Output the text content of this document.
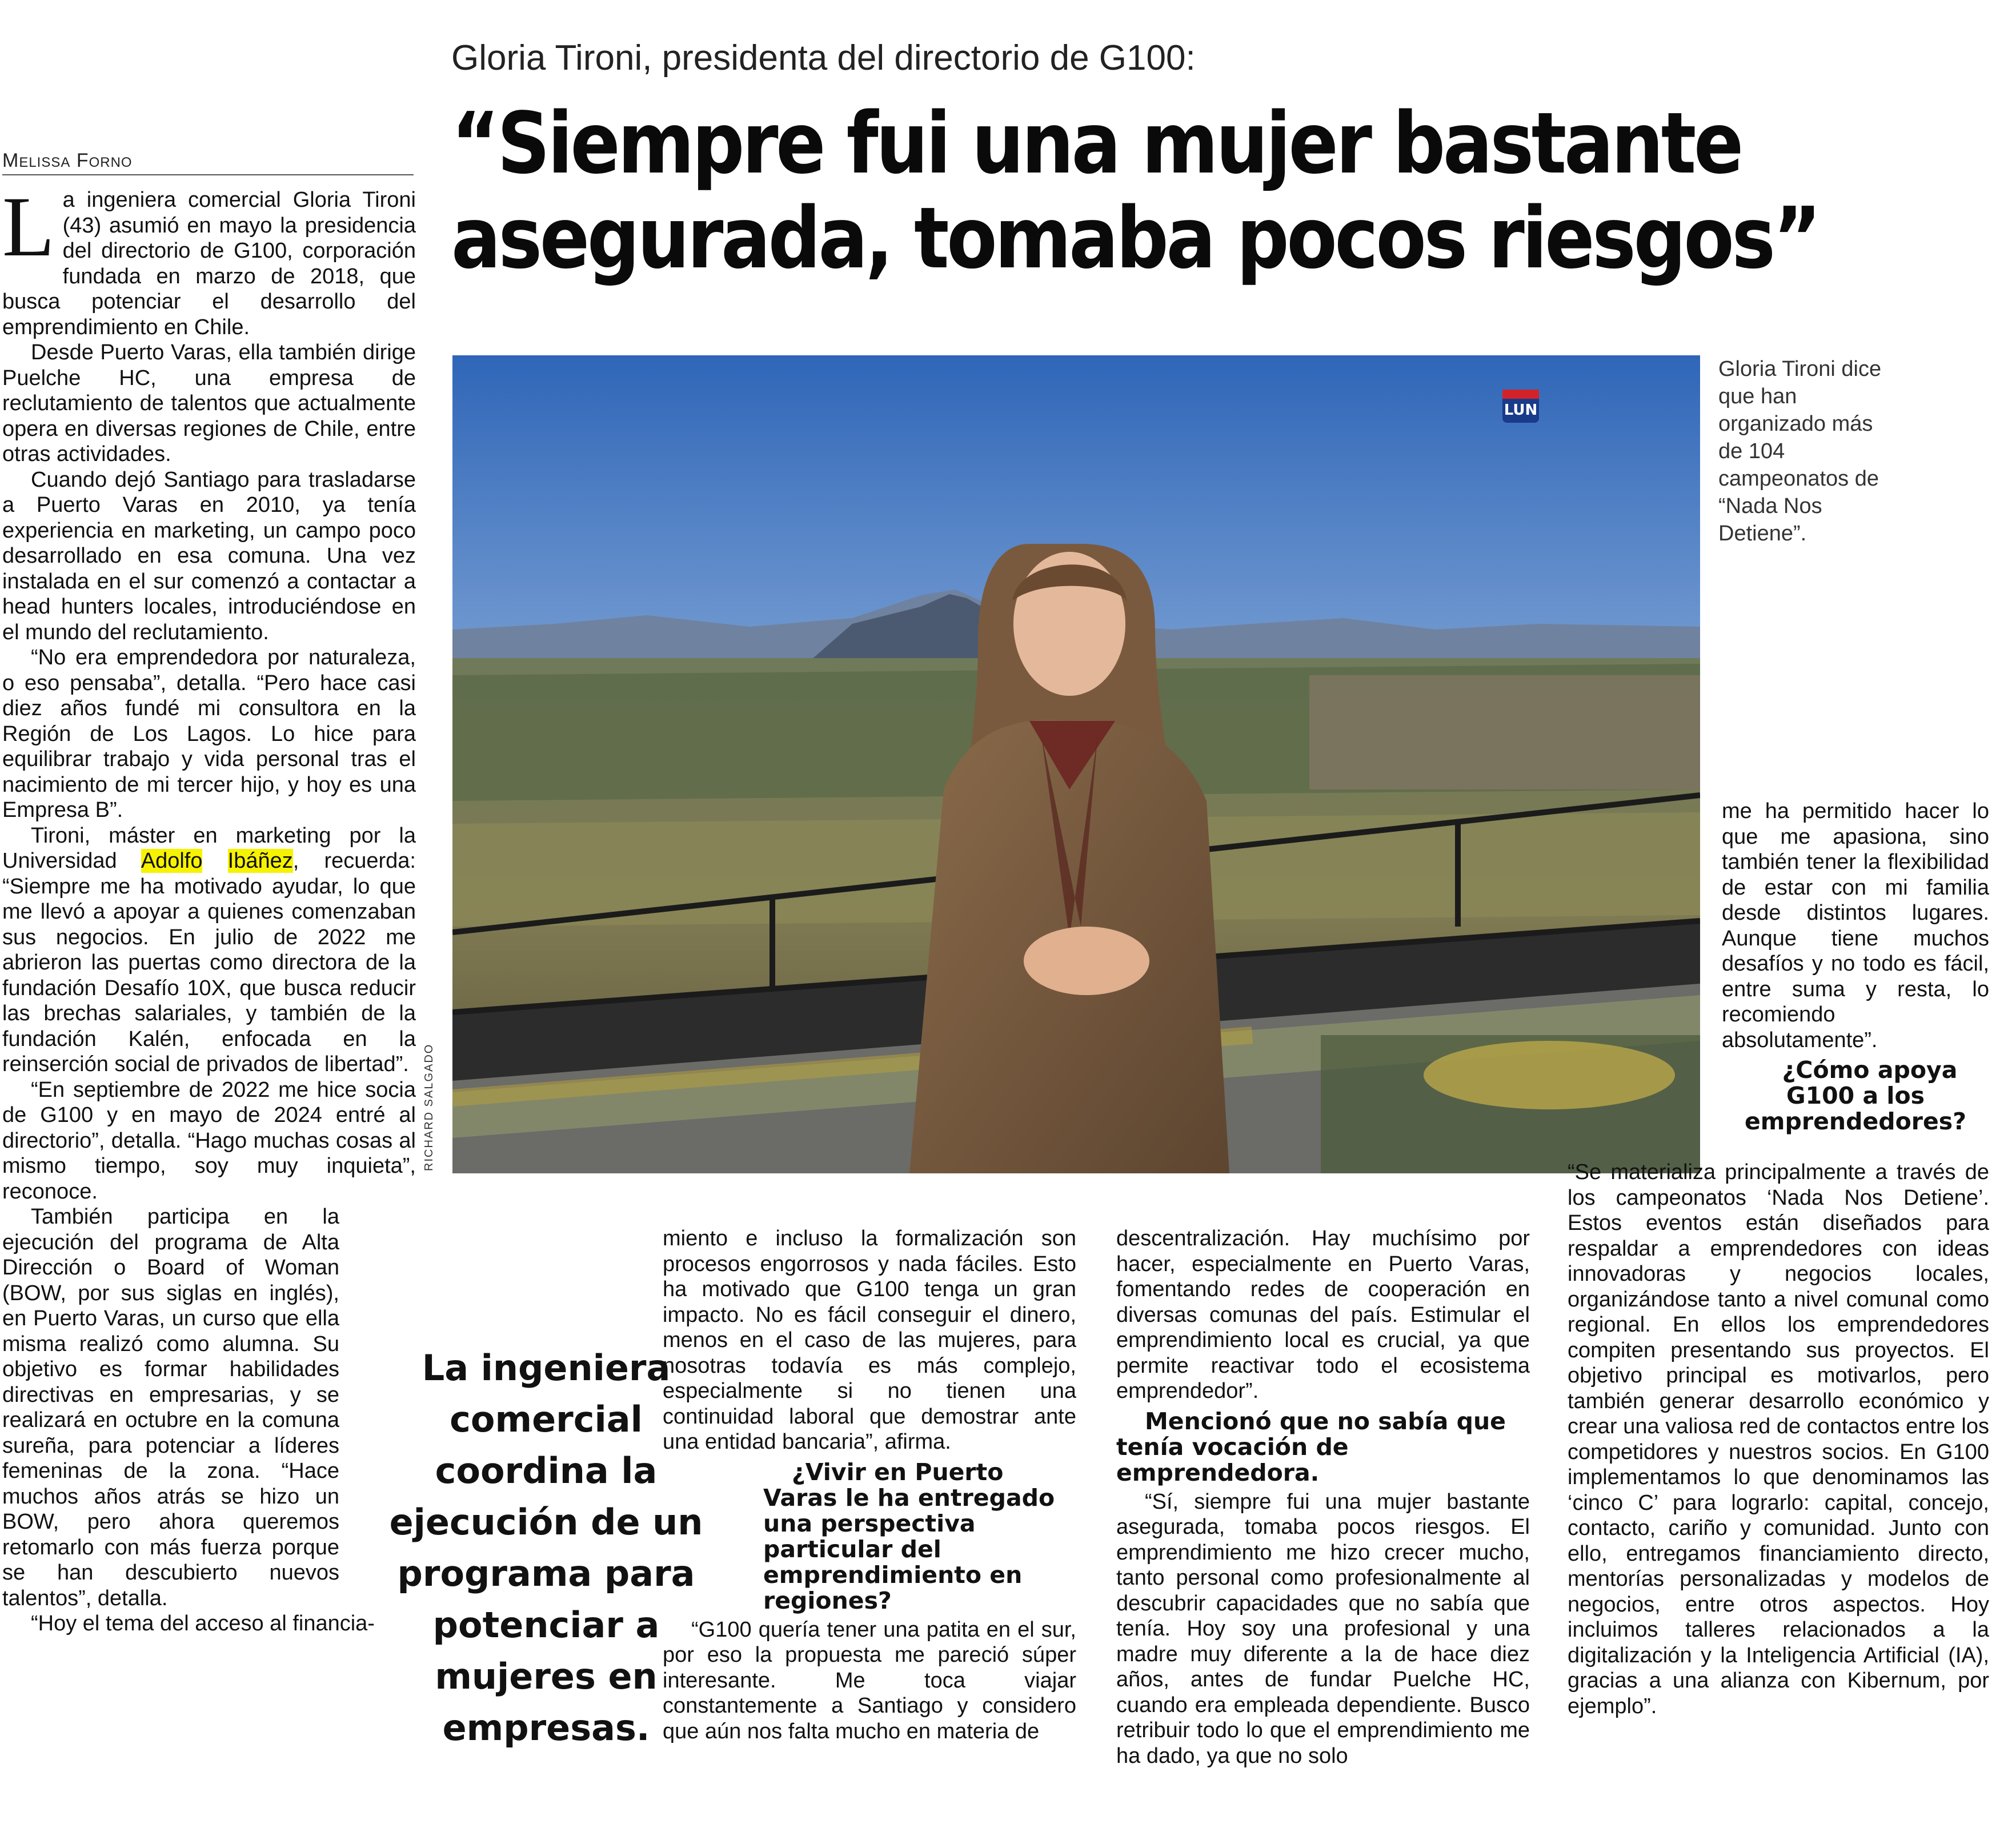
Gloria Tironi, presidenta del directorio de G100:
“Siempre fui una mujer bastante
asegurada, tomaba pocos riesgos”
Melissa Forno

La ingeniera comercial Gloria Tironi (43) asumió en mayo la presidencia del directorio de G100, corporación fundada en marzo de 2018, que busca potenciar el desarrollo del emprendimiento en Chile.

Desde Puerto Varas, ella también dirige Puelche HC, una empresa de reclutamiento de talentos que actualmente opera en diversas regiones de Chile, entre otras actividades.

Cuando dejó Santiago para trasladarse a Puerto Varas en 2010, ya tenía experiencia en marketing, un campo poco desarrollado en esa comuna. Una vez instalada en el sur comenzó a contactar a head hunters locales, introduciéndose en el mundo del reclutamiento.

“No era emprendedora por naturaleza, o eso pensaba”, detalla. “Pero hace casi diez años fundé mi consultora en la Región de Los Lagos. Lo hice para equilibrar trabajo y vida personal tras el nacimiento de mi tercer hijo, y hoy es una Empresa B”.

Tironi, máster en marketing por la Universidad Adolfo Ibáñez, recuerda: “Siempre me ha motivado ayudar, lo que me llevó a apoyar a quienes comenzaban sus negocios. En julio de 2022 me abrieron las puertas como directora de la fundación Desafío 10X, que busca reducir las brechas salariales, y también de la fundación Kalén, enfocada en la reinserción social de privados de libertad”.

“En septiembre de 2022 me hice socia de G100 y en mayo de 2024 entré al directorio”, detalla. “Hago muchas cosas al mismo tiempo, soy muy inquieta”, reconoce.

También participa en la ejecución del programa de Alta Dirección o Board of Woman (BOW, por sus siglas en inglés), en Puerto Varas, un curso que ella misma realizó como alumna. Su objetivo es formar habilidades directivas en empresarias, y se realizará en octubre en la comuna sureña, para potenciar a líderes femeninas de la zona. “Hace muchos años atrás se hizo un BOW, pero ahora queremos retomarlo con más fuerza porque se han descubierto nuevos talentos”, detalla.

“Hoy el tema del acceso al financia-

LUN
RICHARD SALGADO
Gloria Tironi dice que han organizado más de 104 campeonatos de “Nada Nos Detiene”.
La ingeniera comercial coordina la ejecución de un programa para potenciar a mujeres en empresas.

miento e incluso la formalización son procesos engorrosos y nada fáciles. Esto ha motivado que G100 tenga un gran impacto. No es fácil conseguir el dinero, menos en el caso de las mujeres, para nosotras todavía es más complejo, especialmente si no tienen una continuidad laboral que demostrar ante una entidad bancaria”, afirma.

¿Vivir en Puerto Varas le ha entregado una perspectiva particular del emprendimiento en regiones?

“G100 quería tener una patita en el sur, por eso la propuesta me pareció súper interesante. Me toca viajar constantemente a Santiago y considero que aún nos falta mucho en materia de

descentralización. Hay muchísimo por hacer, especialmente en Puerto Varas, fomentando redes de cooperación en diversas comunas del país. Estimular el emprendimiento local es crucial, ya que permite reactivar todo el ecosistema emprendedor”.

Mencionó que no sabía que tenía vocación de emprendedora.

“Sí, siempre fui una mujer bastante asegurada, tomaba pocos riesgos. El emprendimiento me hizo crecer mucho, tanto personal como profesionalmente al descubrir capacidades que no sabía que tenía. Hoy soy una profesional y una madre muy diferente a la de hace diez años, antes de fundar Puelche HC, cuando era empleada dependiente. Busco retribuir todo lo que el emprendimiento me ha dado, ya que no solo

me ha permitido hacer lo que me apasiona, sino también tener la flexibilidad de estar con mi familia desde distintos lugares. Aunque tiene muchos desafíos y no todo es fácil, entre suma y resta, lo recomiendo absolutamente”.

¿Cómo apoya G100 a los emprendedores?

“Se materializa principalmente a través de los campeonatos ‘Nada Nos Detiene’. Estos eventos están diseñados para respaldar a emprendedores con ideas innovadoras y negocios locales, organizándose tanto a nivel comunal como regional. En ellos los emprendedores compiten presentando sus proyectos. El objetivo principal es motivarlos, pero también generar desarrollo económico y crear una valiosa red de contactos entre los competidores y nuestros socios. En G100 implementamos lo que denominamos las ‘cinco C’ para lograrlo: capital, concejo, contacto, cariño y comunidad. Junto con ello, entregamos financiamiento directo, mentorías personalizadas y modelos de negocios, entre otros aspectos. Hoy incluimos talleres relacionados a la digitalización y la Inteligencia Artificial (IA), gracias a una alianza con Kibernum, por ejemplo”.
